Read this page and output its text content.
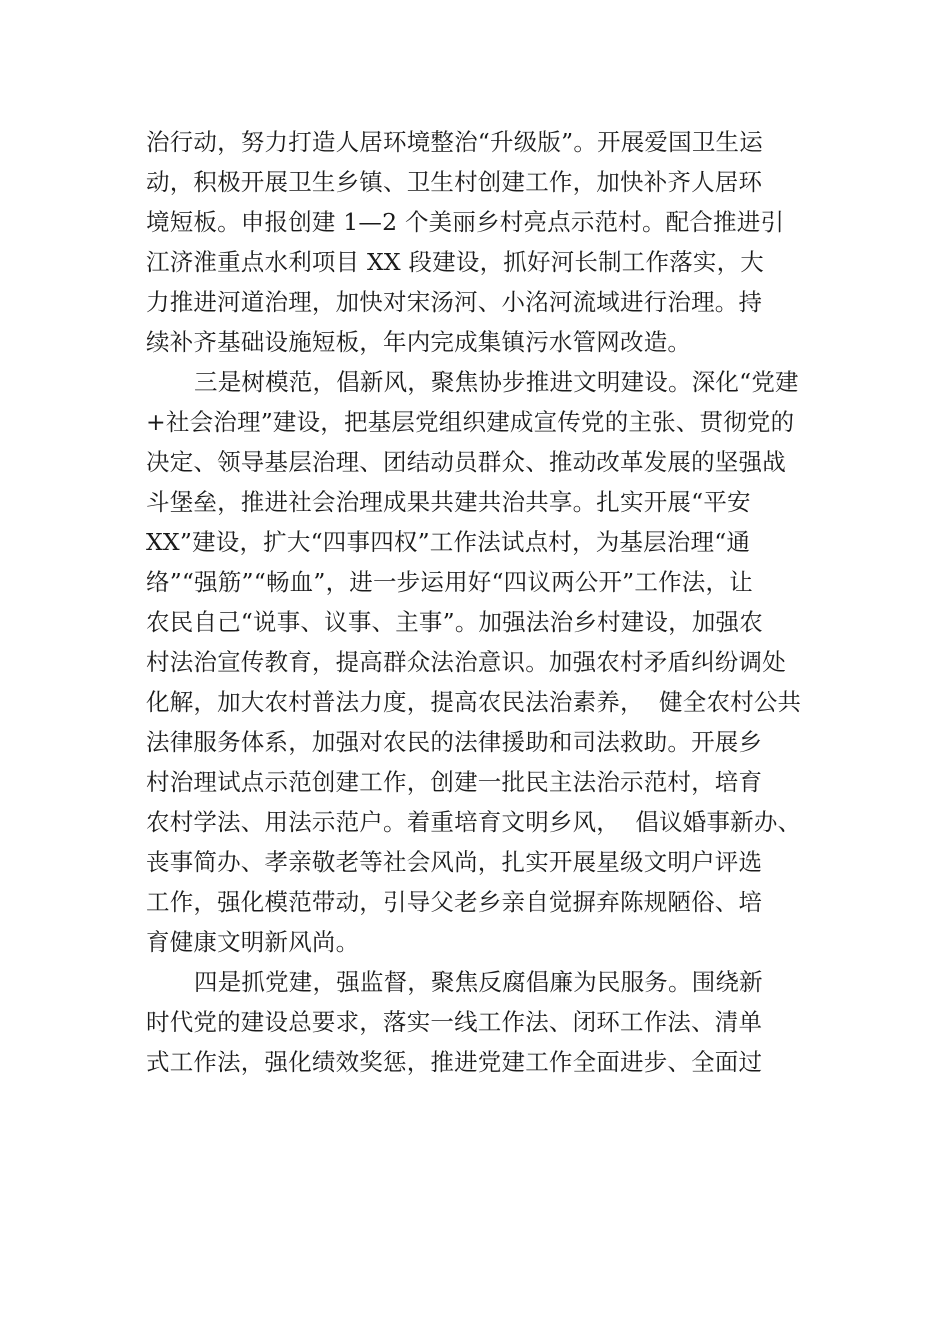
治行动，努力打造人居环境整治“升级版”。开展爱国卫生运
动，积极开展卫生乡镇、卫生村创建工作，加快补齐人居环
境短板。申报创建 1—2 个美丽乡村亮点示范村。配合推进引
江济淮重点水利项目 XX 段建设，抓好河长制工作落实，大
力推进河道治理，加快对宋汤河、小洺河流域进行治理。持
续补齐基础设施短板，年内完成集镇污水管网改造。
三是树模范，倡新风，聚焦协步推进文明建设。深化“党建
+社会治理”建设，把基层党组织建成宣传党的主张、贯彻党的
决定、领导基层治理、团结动员群众、推动改革发展的坚强战
斗堡垒，推进社会治理成果共建共治共享。扎实开展“平安
XX”建设，扩大“四事四权”工作法试点村，为基层治理“通
络”“强筋”“畅血”，进一步运用好“四议两公开”工作法，让
农民自己“说事、议事、主事”。加强法治乡村建设，加强农
村法治宣传教育，提高群众法治意识。加强农村矛盾纠纷调处
化解，加大农村普法力度，提高农民法治素养，  健全农村公共
法律服务体系，加强对农民的法律援助和司法救助。开展乡
村治理试点示范创建工作，创建一批民主法治示范村，培育
农村学法、用法示范户。着重培育文明乡风，  倡议婚事新办、
丧事简办、孝亲敬老等社会风尚，扎实开展星级文明户评选
工作，强化模范带动，引导父老乡亲自觉摒弃陈规陋俗、培
育健康文明新风尚。
四是抓党建，强监督，聚焦反腐倡廉为民服务。围绕新
时代党的建设总要求，落实一线工作法、闭环工作法、清单
式工作法，强化绩效奖惩，推进党建工作全面进步、全面过
